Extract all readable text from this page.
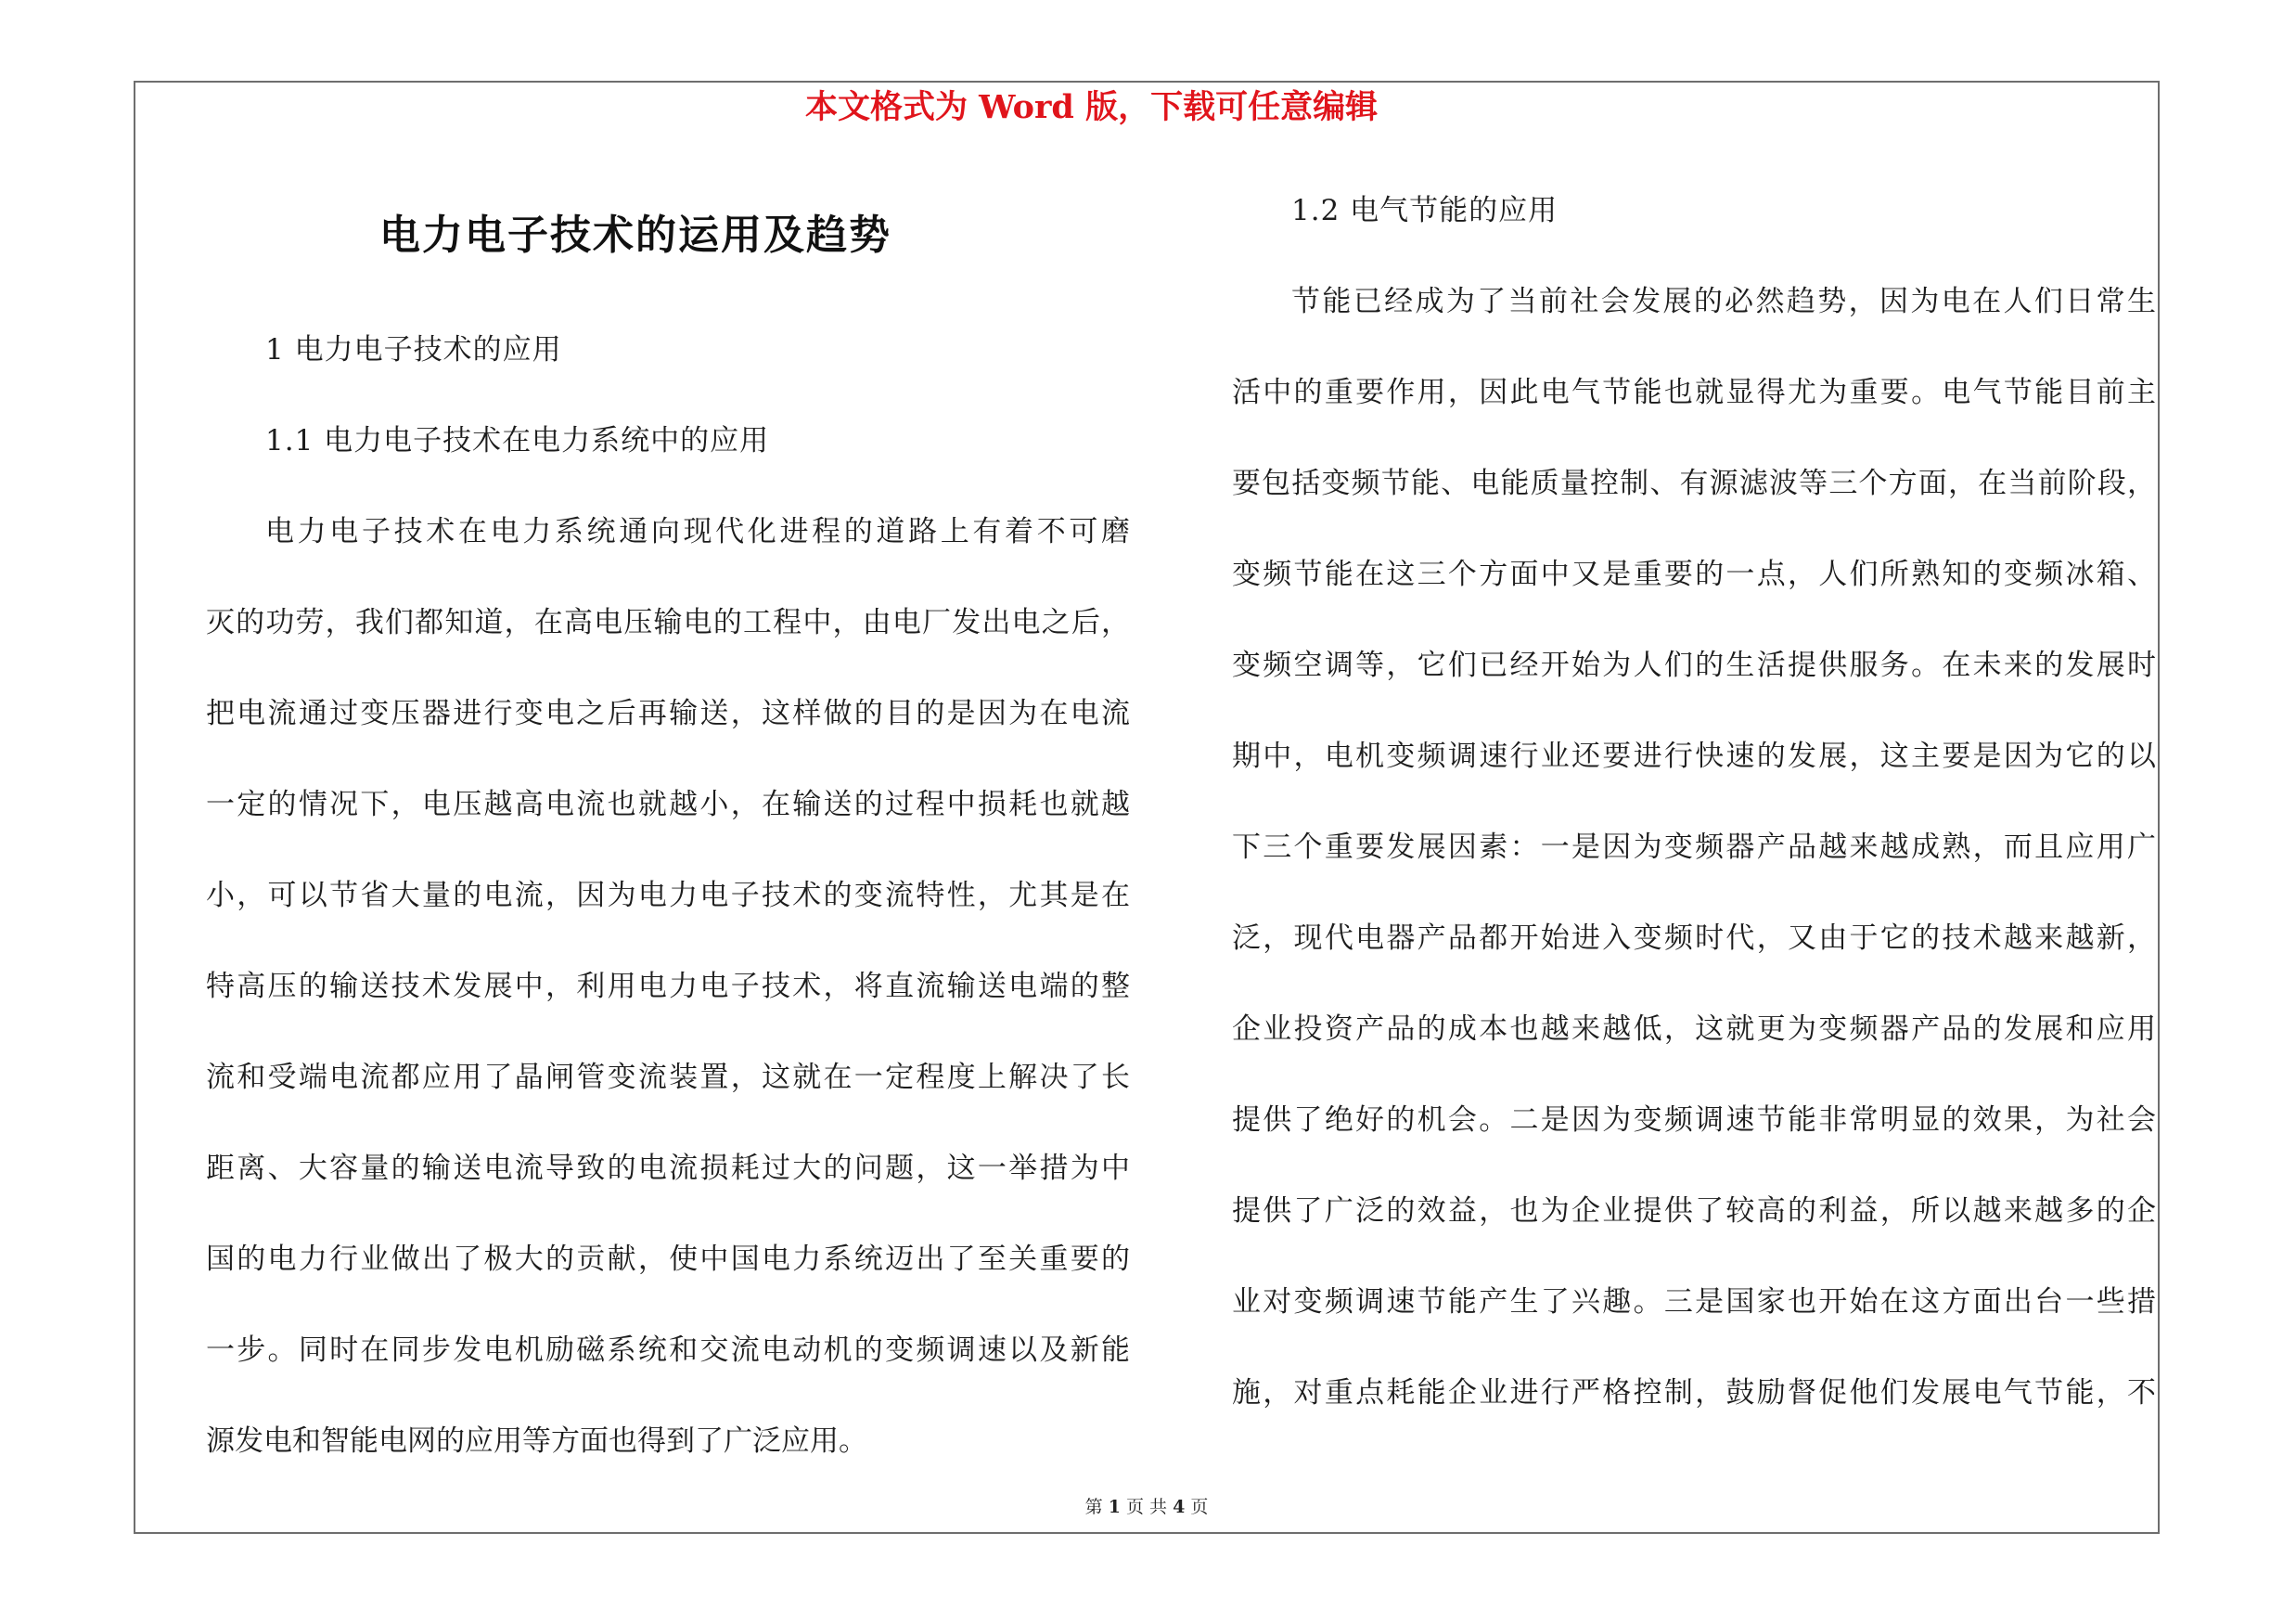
本文格式为 Word 版，下载可任意编辑
电力电子技术的运用及趋势
1 电力电子技术的应用
1.1 电力电子技术在电力系统中的应用
电力电子技术在电力系统通向现代化进程的道路上有着不可磨
灭的功劳，我们都知道，在高电压输电的工程中，由电厂发出电之后，
把电流通过变压器进行变电之后再输送，这样做的目的是因为在电流
一定的情况下，电压越高电流也就越小，在输送的过程中损耗也就越
小，可以节省大量的电流，因为电力电子技术的变流特性，尤其是在
特高压的输送技术发展中，利用电力电子技术，将直流输送电端的整
流和受端电流都应用了晶闸管变流装置，这就在一定程度上解决了长
距离、大容量的输送电流导致的电流损耗过大的问题，这一举措为中
国的电力行业做出了极大的贡献，使中国电力系统迈出了至关重要的
一步。同时在同步发电机励磁系统和交流电动机的变频调速以及新能
源发电和智能电网的应用等方面也得到了广泛应用。
1.2 电气节能的应用
节能已经成为了当前社会发展的必然趋势，因为电在人们日常生
活中的重要作用，因此电气节能也就显得尤为重要。电气节能目前主
要包括变频节能、电能质量控制、有源滤波等三个方面，在当前阶段，
变频节能在这三个方面中又是重要的一点，人们所熟知的变频冰箱、
变频空调等，它们已经开始为人们的生活提供服务。在未来的发展时
期中，电机变频调速行业还要进行快速的发展，这主要是因为它的以
下三个重要发展因素：一是因为变频器产品越来越成熟，而且应用广
泛，现代电器产品都开始进入变频时代，又由于它的技术越来越新，
企业投资产品的成本也越来越低，这就更为变频器产品的发展和应用
提供了绝好的机会。二是因为变频调速节能非常明显的效果，为社会
提供了广泛的效益，也为企业提供了较高的利益，所以越来越多的企
业对变频调速节能产生了兴趣。三是国家也开始在这方面出台一些措
施，对重点耗能企业进行严格控制，鼓励督促他们发展电气节能，不
第 1 页 共 4 页
